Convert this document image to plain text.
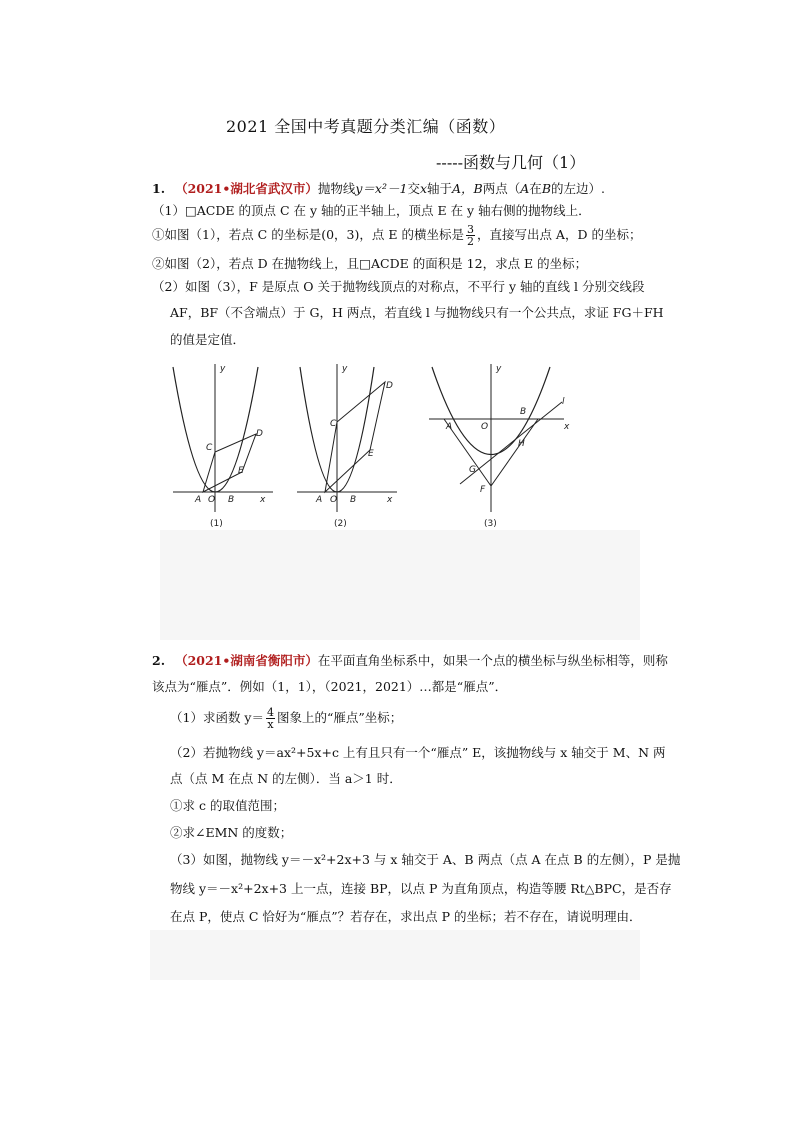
2021 全国中考真题分类汇编（函数）
-----函数与几何（1）
1. （2021•湖北省武汉市）抛物线y＝x²－1交x轴于A，B两点（A在B的左边）.
（1）□ACDE 的顶点 C 在 y 轴的正半轴上，顶点 E 在 y 轴右侧的抛物线上．
①如图（1），若点 C 的坐标是(0，3)，点 E 的横坐标是 $\frac{3}{2}$ ，直接写出点 A，D 的坐标；
②如图（2），若点 D 在抛物线上，且□ACDE 的面积是 12，求点 E 的坐标；
（2）如图（3），F 是原点 O 关于抛物线顶点的对称点，不平行 y 轴的直线 l 分别交线段
AF，BF（不含端点）于 G，H 两点，若直线 l 与抛物线只有一个公共点，求证 FG＋FH
的值是定值．
y
x
C
D
E
A O B
(1)
y
x
C
D
E
A O B
(2)
y
x
l
A	O
B
G
H
F
(3)
2. （2021•湖南省衡阳市）在平面直角坐标系中，如果一个点的横坐标与纵坐标相等，则称
该点为“雁点”．例如（1，1），（2021，2021）…都是“雁点”．
（1）求函数 $y= \frac{4}{x}$ 图象上的“雁点”坐标；
（2）若抛物线 y＝ax²+5x+c 上有且只有一个“雁点” E，该抛物线与 x 轴交于 M、N 两
点（点 M 在点 N 的左侧）．当 a＞1 时．
①求 c 的取值范围；
②求∠EMN 的度数；
（3）如图，抛物线 y＝－x²+2x+3 与 x 轴交于 A、B 两点（点 A 在点 B 的左侧），P 是抛
物线 y＝－x²+2x+3 上一点，连接 BP，以点 P 为直角顶点，构造等腰 Rt△BPC，是否存
在点 P，使点 C 恰好为“雁点”？若存在，求出点 P 的坐标；若不存在，请说明理由．
